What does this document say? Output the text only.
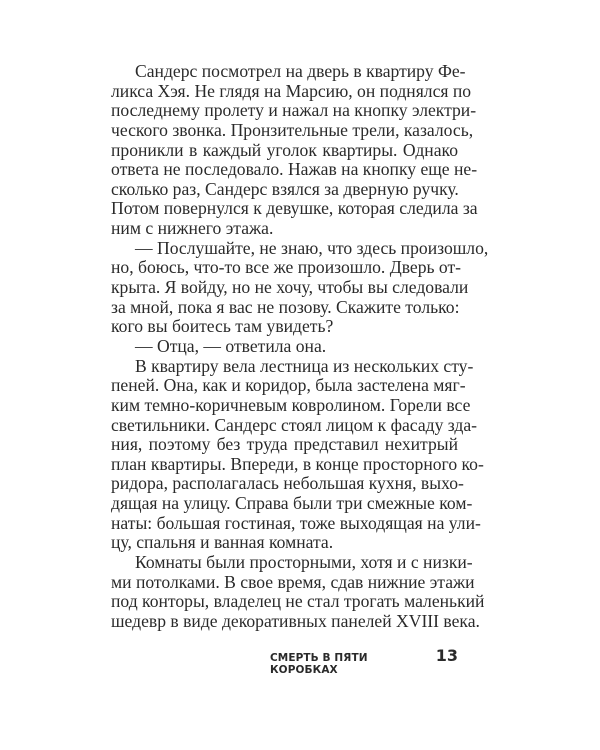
Сандерс посмотрел на дверь в квартиру Фе-
ликса Хэя. Не глядя на Марсию, он поднялся по
последнему пролету и нажал на кнопку электри-
ческого звонка. Пронзительные трели, казалось,
проникли в каждый уголок квартиры. Однако
ответа не последовало. Нажав на кнопку еще не-
сколько раз, Сандерс взялся за дверную ручку.
Потом повернулся к девушке, которая следила за
ним с нижнего этажа.
— Послушайте, не знаю, что здесь произошло,
но, боюсь, что-то все же произошло. Дверь от-
крыта. Я войду, но не хочу, чтобы вы следовали
за мной, пока я вас не позову. Скажите только:
кого вы боитесь там увидеть?
— Отца, — ответила она.
В квартиру вела лестница из нескольких сту-
пеней. Она, как и коридор, была застелена мяг-
ким темно-коричневым ковролином. Горели все
светильники. Сандерс стоял лицом к фасаду зда-
ния, поэтому без труда представил нехитрый
план квартиры. Впереди, в конце просторного ко-
ридора, располагалась небольшая кухня, выхо-
дящая на улицу. Справа были три смежные ком-
наты: большая гостиная, тоже выходящая на ули-
цу, спальня и ванная комната.
Комнаты были просторными, хотя и с низки-
ми потолками. В свое время, сдав нижние этажи
под конторы, владелец не стал трогать маленький
шедевр в виде декоративных панелей XVIII века.
СМЕРТЬ В ПЯТИ КОРОБКАХ
13
